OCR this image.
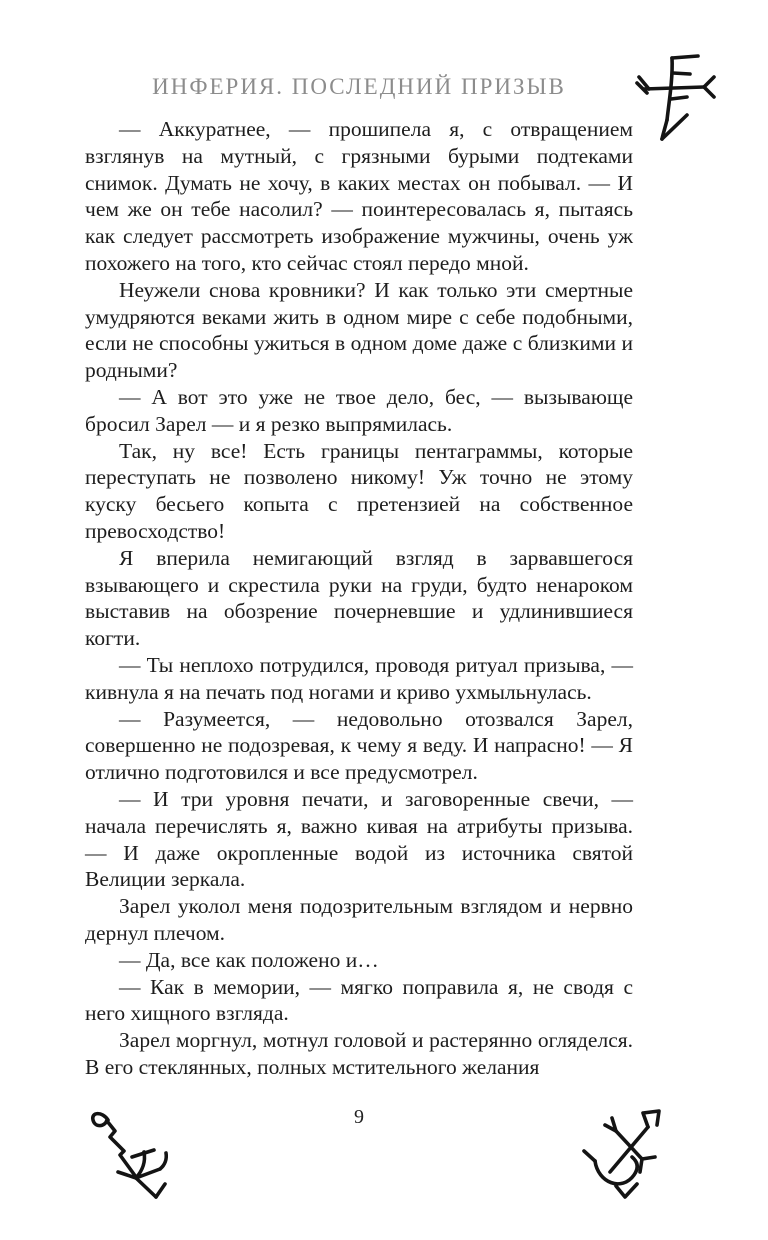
ИНФЕРИЯ. ПОСЛЕДНИЙ ПРИЗЫВ

— Аккуратнее, — прошипела я, с отвращением взглянув на мутный, с грязными бурыми подтеками снимок. Думать не хочу, в каких местах он побывал. — И чем же он тебе насолил? — поинтересовалась я, пытаясь как следует рассмотреть изображение мужчины, очень уж похожего на того, кто сейчас стоял передо мной.

Неужели снова кровники? И как только эти смертные умудряются веками жить в одном мире с себе подобными, если не способны ужиться в одном доме даже с близкими и родными?

— А вот это уже не твое дело, бес, — вызывающе бросил Зарел — и я резко выпрямилась.

Так, ну все! Есть границы пентаграммы, которые переступать не позволено никому! Уж точно не этому куску бесьего копыта с претензией на собственное превосходство!

Я вперила немигающий взгляд в зарвавшегося взывающего и скрестила руки на груди, будто ненароком выставив на обозрение почерневшие и удлинившиеся когти.

— Ты неплохо потрудился, проводя ритуал призыва, — кивнула я на печать под ногами и криво ухмыльнулась.

— Разумеется, — недовольно отозвался Зарел, совершенно не подозревая, к чему я веду. И напрасно! — Я отлично подготовился и все предусмотрел.

— И три уровня печати, и заговоренные свечи, — начала перечислять я, важно кивая на атрибуты призыва. — И даже окропленные водой из источника святой Велиции зеркала.

Зарел уколол меня подозрительным взглядом и нервно дернул плечом.

— Да, все как положено и…

— Как в мемории, — мягко поправила я, не сводя с него хищного взгляда.

Зарел моргнул, мотнул головой и растерянно огляделся. В его стеклянных, полных мстительного желания

9
